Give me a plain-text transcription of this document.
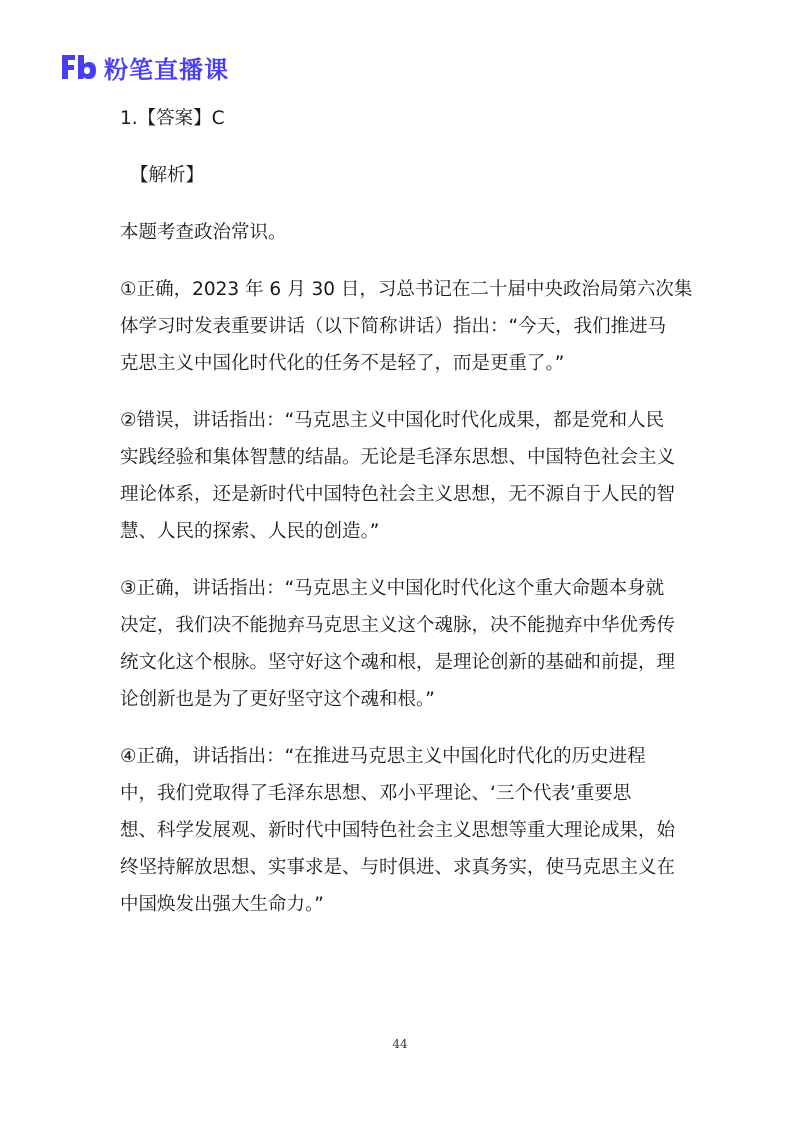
粉笔直播课

1.【答案】C

【解析】

本题考查政治常识。

①正确，2023 年 6 月 30 日，习总书记在二十届中央政治局第六次集

体学习时发表重要讲话（以下简称讲话）指出：“今天，我们推进马

克思主义中国化时代化的任务不是轻了，而是更重了。”

②错误，讲话指出：“马克思主义中国化时代化成果，都是党和人民

实践经验和集体智慧的结晶。无论是毛泽东思想、中国特色社会主义

理论体系，还是新时代中国特色社会主义思想，无不源自于人民的智

慧、人民的探索、人民的创造。”

③正确，讲话指出：“马克思主义中国化时代化这个重大命题本身就

决定，我们决不能抛弃马克思主义这个魂脉，决不能抛弃中华优秀传

统文化这个根脉。坚守好这个魂和根，是理论创新的基础和前提，理

论创新也是为了更好坚守这个魂和根。”

④正确，讲话指出：“在推进马克思主义中国化时代化的历史进程

中，我们党取得了毛泽东思想、邓小平理论、‘三个代表’重要思

想、科学发展观、新时代中国特色社会主义思想等重大理论成果，始

终坚持解放思想、实事求是、与时俱进、求真务实，使马克思主义在

中国焕发出强大生命力。”

44
